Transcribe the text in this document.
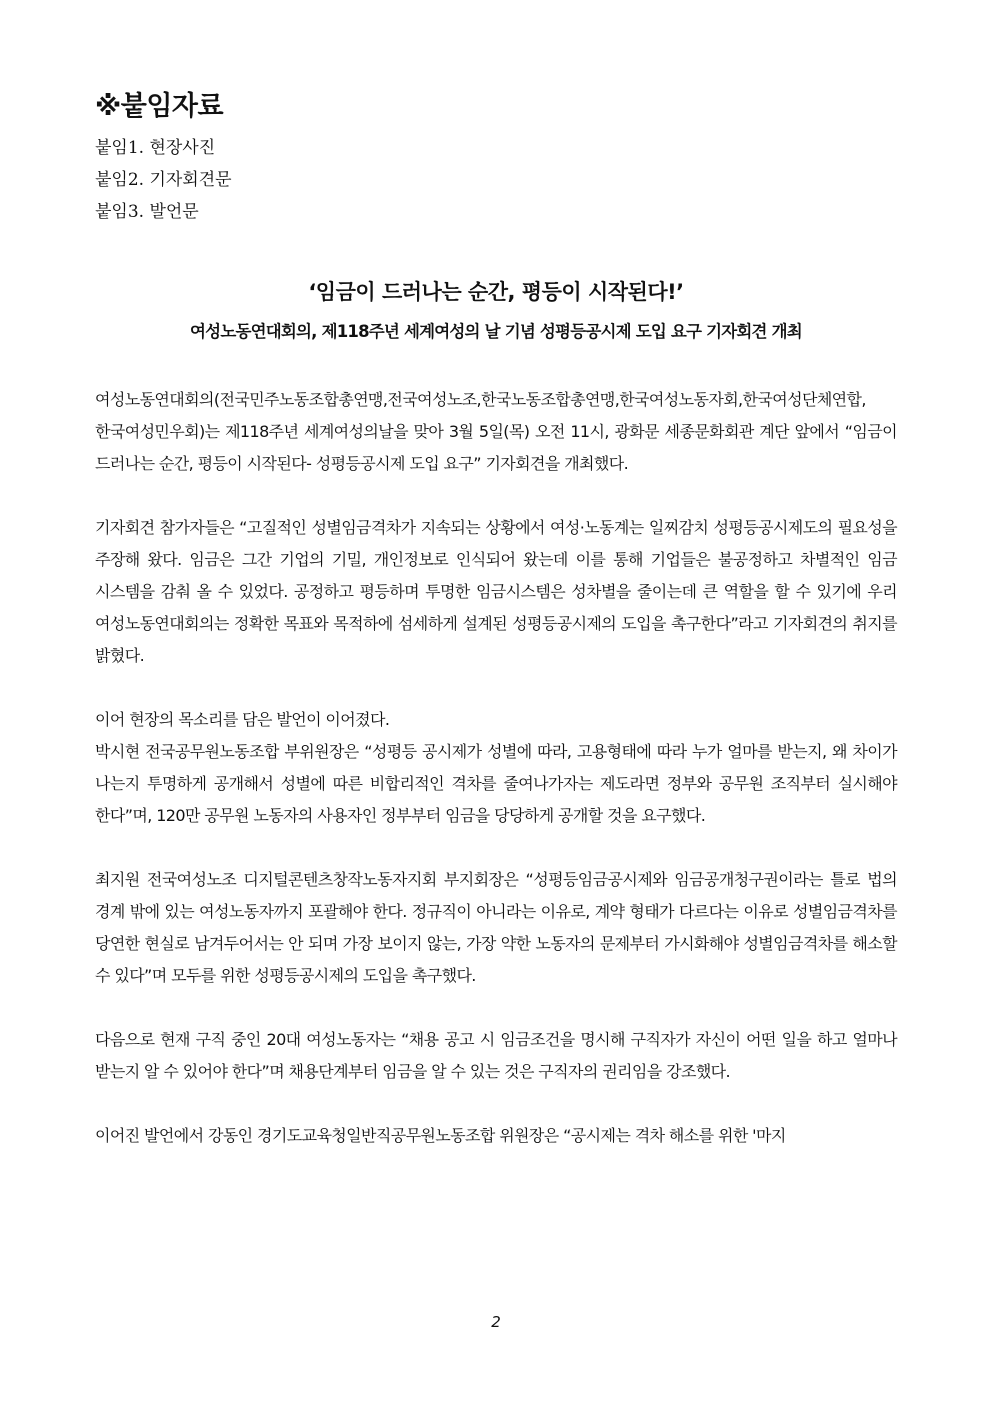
※붙임자료
붙임1. 현장사진
붙임2. 기자회견문
붙임3. 발언문
‘임금이 드러나는 순간, 평등이 시작된다!’
여성노동연대회의, 제118주년 세계여성의 날 기념 성평등공시제 도입 요구 기자회견 개최

여성노동연대회의(전국민주노동조합총연맹,전국여성노조,한국노동조합총연맹,한국여성노동자회,한국여성단체연합,한국여성민우회)는 제118주년 세계여성의날을 맞아 3월 5일(목) 오전 11시, 광화문 세종문화회관 계단 앞에서 “임금이 드러나는 순간, 평등이 시작된다- 성평등공시제 도입 요구” 기자회견을 개최했다.

기자회견 참가자들은 “고질적인 성별임금격차가 지속되는 상황에서 여성·노동계는 일찌감치 성평등공시제도의 필요성을 주장해 왔다. 임금은 그간 기업의 기밀, 개인정보로 인식되어 왔는데 이를 통해 기업들은 불공정하고 차별적인 임금 시스템을 감춰 올 수 있었다. 공정하고 평등하며 투명한 임금시스템은 성차별을 줄이는데 큰 역할을 할 수 있기에 우리 여성노동연대회의는 정확한 목표와 목적하에 섬세하게 설계된 성평등공시제의 도입을 촉구한다”라고 기자회견의 취지를 밝혔다.

이어 현장의 목소리를 담은 발언이 이어졌다.

박시현 전국공무원노동조합 부위원장은 “성평등 공시제가 성별에 따라, 고용형태에 따라 누가 얼마를 받는지, 왜 차이가 나는지 투명하게 공개해서 성별에 따른 비합리적인 격차를 줄여나가자는 제도라면 정부와 공무원 조직부터 실시해야 한다”며, 120만 공무원 노동자의 사용자인 정부부터 임금을 당당하게 공개할 것을 요구했다.

최지원 전국여성노조 디지털콘텐츠창작노동자지회 부지회장은 “성평등임금공시제와 임금공개청구권이라는 틀로 법의 경계 밖에 있는 여성노동자까지 포괄해야 한다. 정규직이 아니라는 이유로, 계약 형태가 다르다는 이유로 성별임금격차를 당연한 현실로 남겨두어서는 안 되며 가장 보이지 않는, 가장 약한 노동자의 문제부터 가시화해야 성별임금격차를 해소할 수 있다”며 모두를 위한 성평등공시제의 도입을 촉구했다.

다음으로 현재 구직 중인 20대 여성노동자는 “채용 공고 시 임금조건을 명시해 구직자가 자신이 어떤 일을 하고 얼마나 받는지 알 수 있어야 한다”며 채용단계부터 임금을 알 수 있는 것은 구직자의 권리임을 강조했다.

이어진 발언에서 강동인 경기도교육청일반직공무원노동조합 위원장은 “공시제는 격차 해소를 위한 '마지

2
